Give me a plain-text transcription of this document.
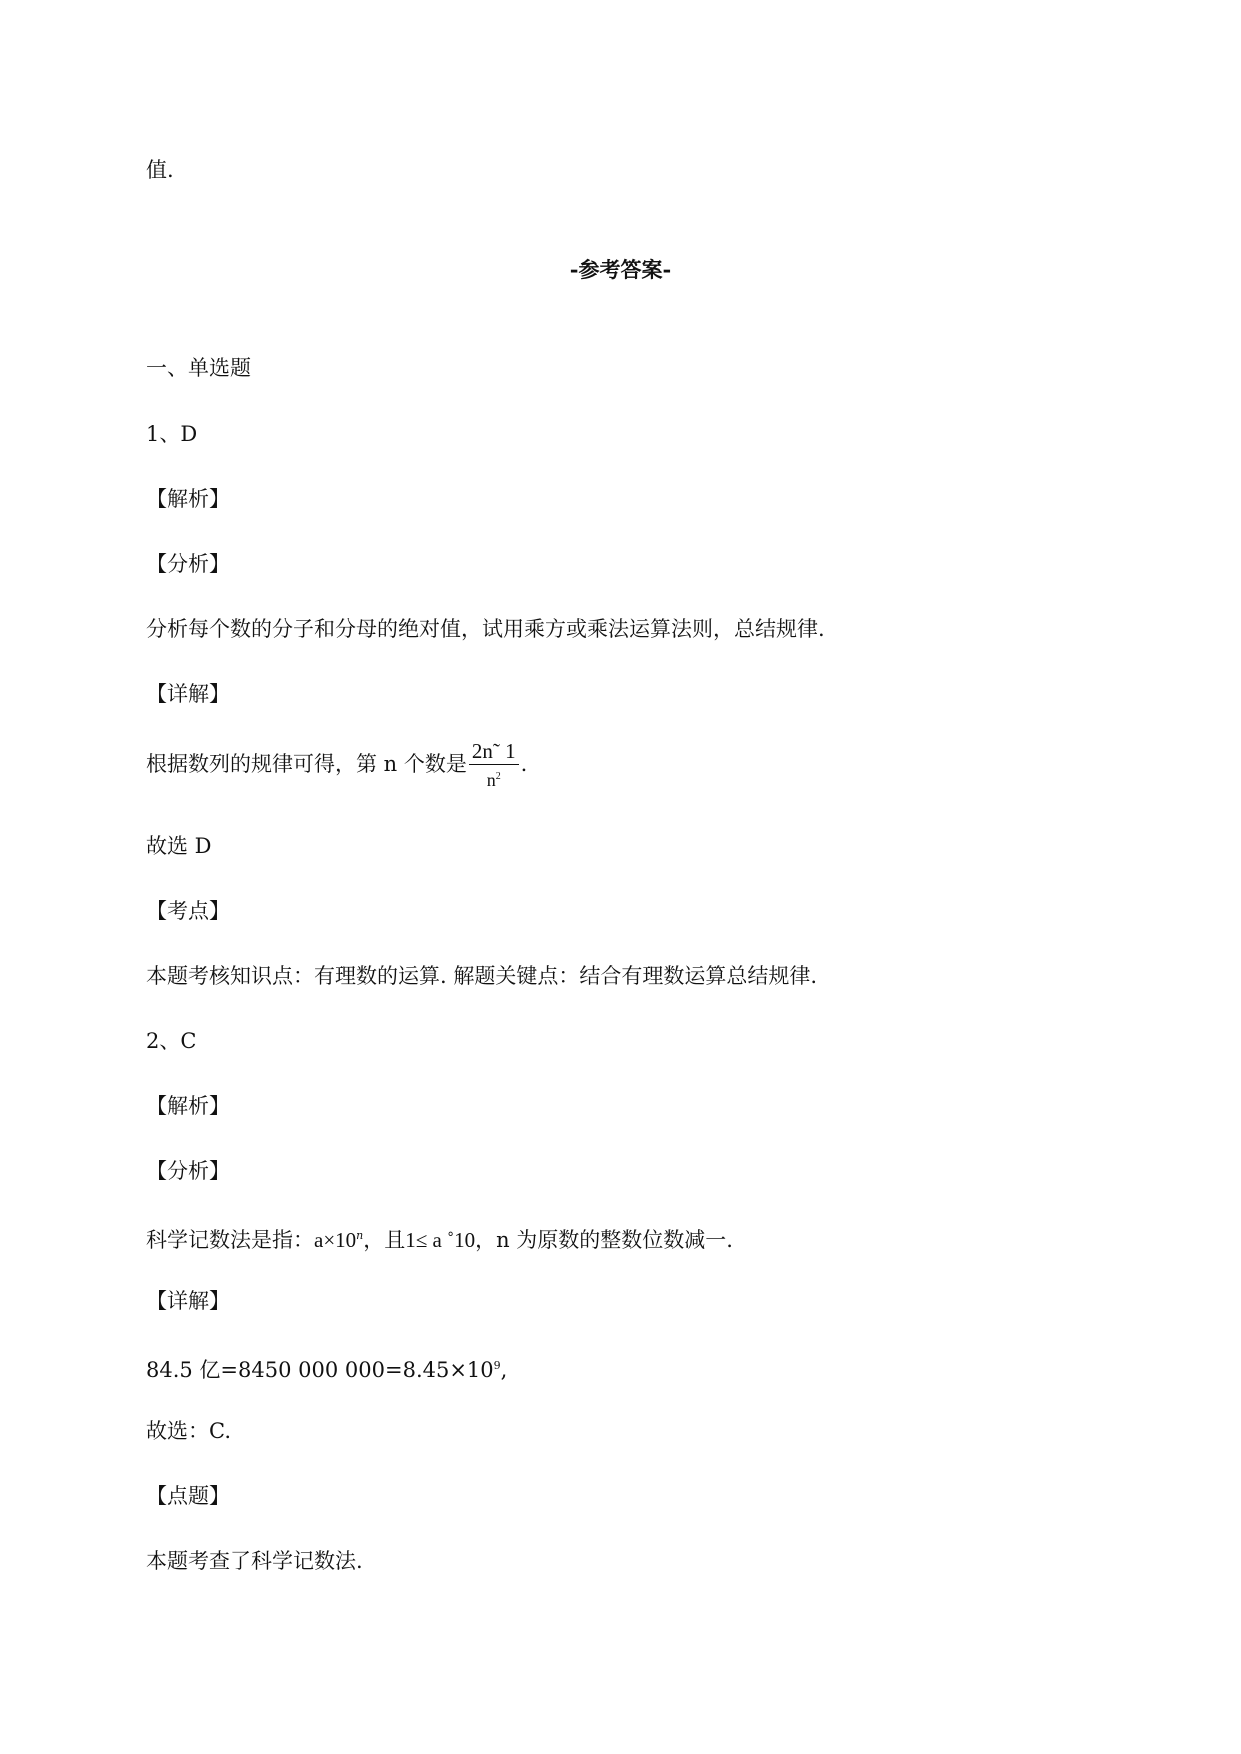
值.
-参考答案-
一、单选题
1、D
【解析】
【分析】
分析每个数的分子和分母的绝对值，试用乘方或乘法运算法则，总结规律.
【详解】
根据数列的规律可得，第 n 个数是 $\frac{2n˜ 1}{n^2}$ .
故选 D
【考点】
本题考核知识点：有理数的运算. 解题关键点：结合有理数运算总结规律.
2、C
【解析】
【分析】
科学记数法是指：$a\times 10^n$，且1≤ a ˚10，n 为原数的整数位数减一.
【详解】
84.5 亿=8450 000 $000=8.45\times 10^9$,
故选：C.
【点题】
本题考查了科学记数法.
